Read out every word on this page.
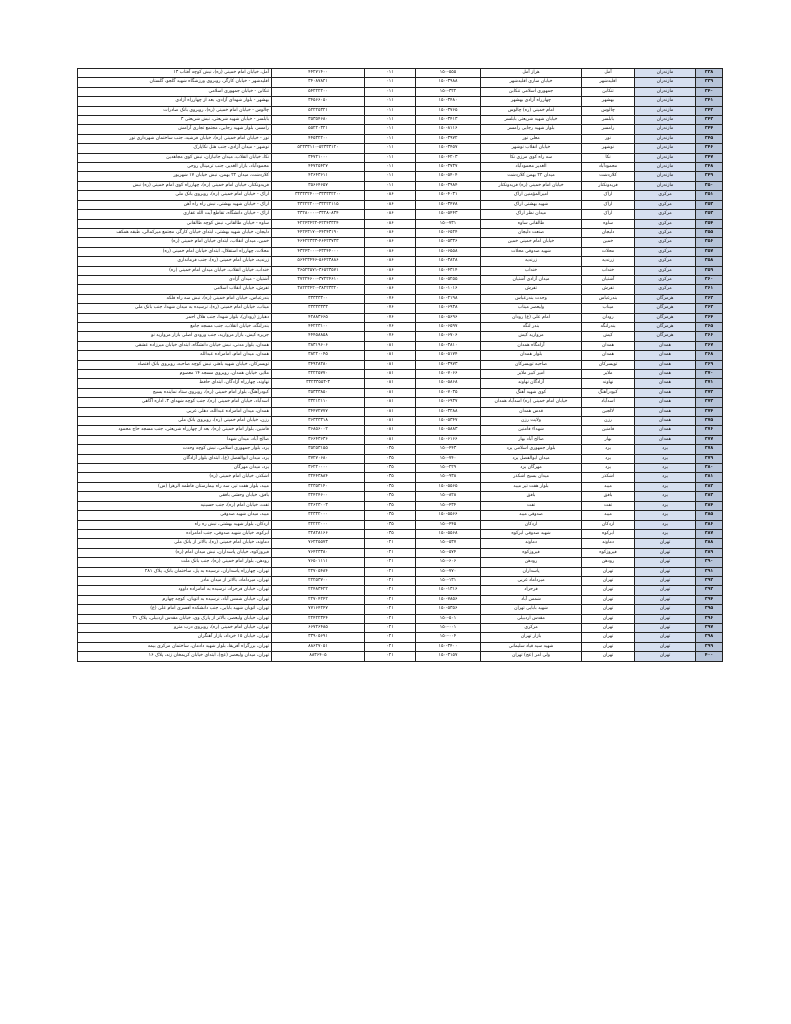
۳۳۸	مازندران	آمل	هراز آمل	۱۵۰-۵۵۵	۰۱۱	۴۴۲۷۱۴۰۰	آمل، خیابان امام خمینی (ره)، نبش کوچه آفتاب ۱۳
۳۳۹	مازندران	اقلیدشهر	خیابان ساری اقلیدشهر	۱۵۰-۳۹۸۸	۰۱۱	۳۴۰۸۷۸۲۱	اقلیدشهر - خیابان کارگر، روبروی ورزشگاه شهید گلجو، گلستان
۳۴۰	مازندران	تنکابن	جمهوری اسلامی تنکابن	۱۵۰-۳۲۲	۰۱۱	۵۴۲۲۲۲۰۰	تنکابن - خیابان جمهوری اسلامی
۳۴۱	مازندران	بهشهر	چهارراه آزادی بهشهر	۱۵۰-۳۴۸۰	۰۱۱	۳۴۵۶۶۰۵۰	بهشهر - بلوار شهدای آزادی، بعد از چهارراه آزادی
۳۴۲	مازندران	چالوس	امام خمینی (ره) چالوس	۱۵۰-۳۷۶۵	۰۱۱	۵۲۲۲۵۳۲۱	چالوس - خیابان امام خمینی (ره)، روبروی بانک صادرات
۳۴۳	مازندران	بابلسر	خیابان شهید شریعتی بابلسر	۱۵۰-۳۴۱۳	۰۱۱	۳۵۳۵۴۶۸۰	بابلسر - خیابان شهید شریعتی، نبش شریعتی ۳
۳۴۴	مازندران	رامسر	بلوار شهید رجایی رامسر	۱۵۰-۸۱۱۶	۰۱۱	۵۵۲۲۰۳۲۱	رامسر، بلوار شهید رجایی، مجتمع تجاری آرامش
۳۴۵	مازندران	نور	معلی نور	۱۵۰-۳۹۷۲	۰۱۱	۴۴۵۳۲۲۰۰	نور - خیابان امام خمینی (ره)، خیابان فرشید، جنب ساختمان شهرداری نور
۳۴۶	مازندران	نوشهر	خیابان انقلاب نوشهر	۱۵۰-۳۴۵۷	۰۱۱	۵۲۳۳۳۱۱۰-۵۲۳۳۳۱۲۰	نوشهر - میدان آزادی، جنب هتل نکاپارک
۳۴۷	مازندران	نکا	سه راه کوی مرزی نکا	۱۵۰-۴۲۰۳	۰۱۱	۳۴۷۲۱۰۰۰	نکا، خیابان انقلاب، میدان جانبازان، نبش کوی مجاهدین
۳۴۸	مازندران	محمودآباد	الغدیر محمودآباد	۱۵۰-۳۷۳۷	۰۱۱	۴۴۷۲۵۴۲۷	محمودآباد، بازار الغدیر، جنب ترمینال روحی
۳۴۹	مازندران	کلاردشت	میدان ۲۲ بهمن کلاردشت	۱۵۰-۵۴۰۴	۰۱۱	۴۲۶۴۳۶۱۱	کلاردشت، میدان ۲۲ بهمن، نبش خیابان ۱۷ شهریور
۳۵۰	مازندران	فریدونکنار	خیابان امام خمینی (ره) فریدونکنار	۱۵۰-۳۹۸۴	۰۱۱	۳۵۶۶۴۶۵۷	فریدونکنار، خیابان امام خمینی (ره)، چهارراه کوی امام خمینی (ره) نبش
۳۵۱	مرکزی	اراک	امیرالمؤمنین اراک	۱۵۰-۴۰۳۱	۰۸۶	۳۳۳۳۳۲۴۰۰-۳۳۳۳۳۲۲۰۰	اراک - خیابان امام خمینی (ره)، روبروی بانک ملی
۳۵۲	مرکزی	اراک	شهید بهشتی اراک	۱۵۰-۳۴۷۸	۰۸۶	۳۳۲۲۲۲۰۰-۳۳۲۲۲۱۱۵	اراک - خیابان شهید بهشتی، نبش راه راه آهن
۳۵۳	مرکزی	اراک	میدان نظر اراک	۱۵۰-۵۴۴۳	۰۸۶	۳۳۲۸۰۰۰۰-۳۳۲۸۰۸۳۴	اراک - خیابان دانشگاه، تقاطع آیت الله غفاری
۳۵۴	مرکزی	ساوه	طالقانی ساوه	۱۵۰-۷۳۱	۰۸۶	۴۲۲۴۳۴۲۲-۴۲۲۴۳۳۲۴	ساوه - خیابان طالقانی، نبش کوچه طالقانی
۳۵۵	مرکزی	دلیجان	صنعت دلیجان	۱۵۰-۶۵۲۴	۰۸۶	۴۴۲۴۳۱۷۰-۴۴۲۴۳۱۹۰	دلیجان، خیابان شهید بهشتی، ابتدای خیابان کارگر، مجتمع میرکمالی، طبقه همکف
۳۵۶	مرکزی	خمین	خیابان امام خمینی خمین	۱۵۰-۵۳۳۶	۰۸۶	۴۶۴۲۲۳۳۳-۴۶۴۲۳۷۳۳	خمین، میدان انقلاب، ابتدای خیابان امام خمینی (ره)
۳۵۷	مرکزی	محلات	شهید صدوقی محلات	۱۵۰-۶۵۵۸	۰۸۶	۴۳۲۴۳۰۰۰-۴۳۲۴۴۰۰۰	محلات، چهارراه استقلال، ابتدای خیابان امام خمینی (ره)
۳۵۸	مرکزی	زرندیه	زرندیه	۱۵۰-۳۸۲۸	۰۸۶	۵۶۴۲۳۴۴۶-۵۶۴۲۳۸۸۶	زرندیه، خیابان امام خمینی (ره)، جنب فرمانداری
۳۵۹	مرکزی	خنداب	خنداب	۱۵۰-۴۳۱۴	۰۸۶	۳۶۵۲۳۵۷۱-۳۶۵۲۳۵۷۱	خنداب، خیابان انقلاب، خیابان میدان امام خمینی (ره)
۳۶۰	مرکزی	آشتیان	میدان آزادی آشتیان	۱۵۰-۵۲۵۵	۰۸۶	۳۷۲۲۴۶۰۰-۳۷۲۲۴۶۱۰	آشتیان - میدان آزادی
۳۶۱	مرکزی	تفرش	تفرش	۱۵۰-۱۰۱۶	۰۸۶	۳۸۲۲۳۴۲۰-۳۸۲۲۳۳۲۰	تفرش، خیابان انقلاب اسلامی
۳۶۲	هرمزگان	بندرعباس	وحدت بندرعباس	۱۵۰-۲۱۹۸	۰۷۶	۳۳۳۳۳۳۰۰	بندرعباس، خیابان امام خمینی (ره)، نبش سه راه فلکه
۳۶۳	هرمزگان	میناب	ولیعصر میناب	۱۵۰-۶۹۳۸	۰۷۶	۳۳۳۳۳۳۳۳	میناب، خیابان امام خمینی (ره)، نرسیده به میدان شهدا، جنب بانک ملی
۳۶۴	هرمزگان	رودان	امام علی (ع) رودان	۱۵۰-۵۶۹۶	۰۷۶	۴۲۸۸۳۶۶۵	دهبارز (رودان)، بلوار شهدا، جنب هلال احمر
۳۶۵	هرمزگان	بندرلنگه	بندر لنگه	۱۵۰-۶۵۹۷	۰۷۶	۴۴۲۲۳۱۰۰	بندرلنگه، خیابان انقلاب، جنب مسجد جامع
۳۶۶	هرمزگان	کیش	مروارید کیش	۱۵۰-۶۷۰۶	۰۷۶	۴۴۴۵۸۸۵۸	جزیره کیش، بازار مروارید، جنب ورودی اصلی بازار مروارید نو
۳۶۷	همدان	همدان	آرامگاه همدان	۱۵۰-۳۸۱۰	۰۸۱	۳۸۳۱۹۶۰۶	همدان، بلوار مدنی، نبش خیابان دانشگاه، ابتدای خیابان میرزاده عشقی
۳۶۸	همدان	همدان	بلوار همدان	۱۵۰-۵۱۷۴	۰۸۱	۳۸۲۲۰۰۴۵	همدان، میدان امام، امامزاده عبدالله
۳۶۹	همدان	تویسرکان	صاحبه تویسرکان	۱۵۰-۳۹۷۳	۰۸۱	۳۴۹۲۸۲۸۰	تویسرکان، خیابان شهید باهنر، نبش کوچه صاحبه، روبروی بانک اقتصاد
۳۷۰	همدان	ملایر	امیر کبیر ملایر	۱۵۰-۷۰۶۶	۰۸۱	۳۲۲۲۵۷۷۰	ملایر، خیابان همدان، روبروی مسجد ۱۴ معصوم
۳۷۱	همدان	نهاوند	آزادگان نهاوند	۱۵۰-۵۸۶۸	۰۸۱	۳۳۲۳۳۵۵۳-۳	نهاوند، چهارراه آزادگان، ابتدای حافظ
۳۷۲	همدان	کبودرآهنگ	کوی شهید آهنگ	۱۵۰-۷۰۳۵	۰۸۱	۳۵۳۳۳۸۵۰	کبودرآهنگ، بلوار امام خمینی (ره)، روبروی ستاد نماینده بسیج
۳۷۳	همدان	اسدآباد	خیابان امام خمینی (ره) اسدآباد همدان	۱۵۰-۶۹۳۷	۰۸۱	۳۳۲۱۲۱۱۰	اسدآباد، خیابان امام خمینی (ره)، جنب کوچه شهدای ۳، اداره آگاهی
۳۷۴	همدان	لالجین	قدس همدان	۱۵۰-۳۲۸۸	۰۸۱	۳۴۴۷۲۷۷۷	همدان، میدان امامزاده عبدالله، دهلی عربی
۳۷۵	همدان	رزن	ولایت رزن	۱۵۰-۵۳۴۷	۰۸۱	۳۶۳۳۳۳۱۸	رزن، خیابان امام خمینی (ره)، روبروی بانک ملی
۳۷۶	همدان	فامنین	شهداء فامنین	۱۵۰-۵۸۸۳	۰۸۱	۳۶۸۵۶۰۰۲	فامنین، بلوار امام خمینی (ره)، بعد از چهارراه شریعتی، جنب مسجد حاج محمود
۳۷۷	همدان	بهار	صالح آباد بهار	۱۵۰-۶۱۶۶	۰۸۱	۳۶۶۴۳۶۳۶	صالح آباد، میدان شهدا
۳۷۸	یزد	یزد	بلوار جمهوری اسلامی یزد	۱۵۰-۴۴۳	۰۳۵	۳۵۲۵۳۱۵۵	یزد، بلوار جمهوری اسلامی، نبش کوچه وحدت
۳۷۹	یزد	یزد	میدان ابوالفضل یزد	۱۵۰-۷۴۰	۰۳۵	۳۷۲۷۰۶۸۰	یزد، میدان ابوالفضل (ع)، ابتدای بلوار آزادگان
۳۸۰	یزد	یزد	مهرگان یزد	۱۵۰-۲۲۹	۰۳۵	۳۶۲۲۰۰۰۰	یزد، میدان مهرگان
۳۸۱	یزد	اشکذر	میدان بسیج اشکذر	۱۵۰-۹۳۸	۰۳۵	۳۲۴۴۳۸۸۴	اشکذر، خیابان امام خمینی (ره)
۳۸۲	یزد	میبد	بلوار هفت تیر میبد	۱۵۰-۵۵۶۵	۰۳۵	۳۲۳۵۳۱۴۰	میبد، بلوار هفت تیر، سه راه بیمارستان فاطمه الزهرا (س)
۳۸۳	یزد	بافق	بافق	۱۵۰-۸۲۸	۰۳۵	۳۲۴۲۴۶۰۰	بافق، خیابان وحشی بافقی
۳۸۴	یزد	تفت	تفت	۱۵۰-۴۳۴	۰۳۵	۳۲۶۲۳۰۰۳	تفت، خیابان امام (ره)، جنب حسینیه
۳۸۵	یزد	میبد	صدوقی میبد	۱۵۰-۵۵۶۶	۰۳۵	۳۲۳۳۲۰۰۰	میبد، میدان شهید صدوقی
۳۸۶	یزد	اردکان	اردکان	۱۵۰-۴۴۵	۰۳۵	۳۲۲۲۲۰۰۰	اردکان، بلوار شهید بهشتی، نبش ره راه
۳۸۷	یزد	ابرکوه	شهید صدوقی ابرکوه	۱۵۰-۵۵۶۸	۰۳۵	۳۲۸۲۸۱۶۶	ابرکوه، خیابان شهید صدوقی، جنب امامزاده
۳۸۸	تهران	دماوند	دماوند	۱۵۰-۵۳۷	۰۲۱	۷۶۲۲۵۵۷۳	دماوند، خیابان امام خمینی (ره)، بالاتر از بانک ملی
۳۸۹	تهران	فیروزکوه	فیروزکوه	۱۵۰-۵۷۴	۰۲۱	۷۶۴۲۳۳۸۰	فیروزکوه، خیابان پاسداران، نبش میدان امام (ره)
۳۹۰	تهران	رودهن	رودهن	۱۵۰-۶۰۶	۰۲۱	۷۶۵۰۱۱۱۱	رودهن، بلوار امام خمینی (ره)، جنب بانک ملت
۳۹۱	تهران	تهران	پاسداران	۱۵۰-۷۷۰	۰۲۱	۲۲۷۰۵۴۸۴	تهران، چهارراه پاسداران، نرسیده به پل، ساختمان بانک، پلاک ۲۸۱
۳۹۲	تهران	تهران	میرداماد غربی	۱۵۰-۱۳۱	۰۲۱	۲۲۲۵۳۷۰۰	تهران، میرداماد، بالاتر از میدان مادر
۳۹۳	تهران	تهران	فرحزاد	۱۵۰-۱۳۱۶	۰۲۱	۲۲۴۸۳۴۲۲	تهران، خیابان فرحزاد، نرسیده به امامزاده داوود
۳۹۴	تهران	تهران	شمس آباد	۱۵۰-۷۸۵۶	۰۲۱	۲۲۷۰۴۲۴۲	تهران، خیابان شمس آباد، نرسیده به اتوبان، کوچه چهارم
۳۹۵	تهران	تهران	شهید بابایی تهران	۱۵۰-۵۳۵۶	۰۲۱	۷۷۱۶۴۲۴۷	تهران، اتوبان شهید بابایی، جنب دانشکده افسری امام علی (ع)
۳۹۶	تهران	تهران	مقدس اردبیلی	۱۵۰-۵۰۱	۰۲۱	۲۲۴۲۲۳۴۴	تهران، خیابان ولیعصر، بالاتر از پارک وی، خیابان مقدس اردبیلی، پلاک ۲۱
۳۹۷	تهران	تهران	مرکزی	۱۵۰-۰۰۱	۰۲۱	۶۶۷۲۶۴۸۵	تهران، خیابان امام خمینی (ره)، روبروی درب مترو
۳۹۸	تهران	تهران	بازار تهران	۱۵۰-۰۰۴	۰۲۱	۳۳۹۰۵۶۹۱	تهران، خیابان ۱۵ خرداد، بازار آهنگران
۳۹۹	تهران	تهران	شهید سید قیاد سلیمانی	۱۵۰-۳۴۰۰	۰۲۱	۸۸۶۲۷۰۵۱	تهران، بزرگراه آفریقا، بلوار شهید دادمان، ساختمان مرکزی بیمه
۴۰۰	تهران	تهران	ولی امر (عج) تهران	۱۵۰-۳۱۵۷	۰۲۱	۸۸۳۶۴۰۵	تهران، میدان ولیعصر (عج)، ابتدای خیابان کریمخان زند، پلاک ۱۶
